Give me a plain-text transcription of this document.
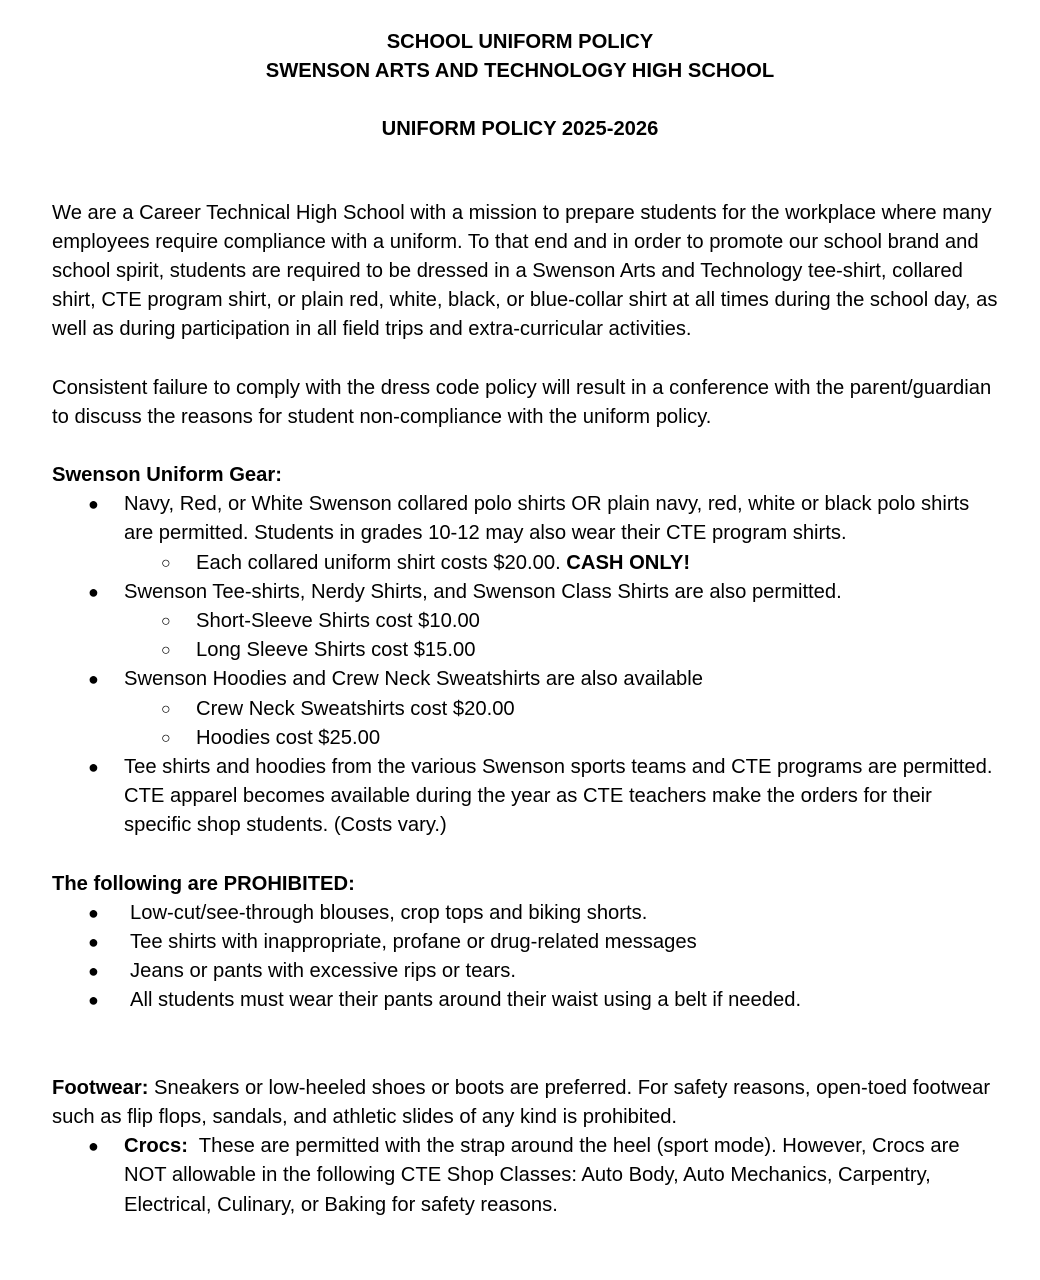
SCHOOL UNIFORM POLICY

SWENSON ARTS AND TECHNOLOGY HIGH SCHOOL

UNIFORM POLICY 2025-2026

We are a Career Technical High School with a mission to prepare students for the workplace where many employees require compliance with a uniform. To that end and in order to promote our school brand and school spirit, students are required to be dressed in a Swenson Arts and Technology tee-shirt, collared shirt, CTE program shirt, or plain red, white, black, or blue-collar shirt at all times during the school day, as well as during participation in all field trips and extra-curricular activities.

Consistent failure to comply with the dress code policy will result in a conference with the parent/guardian to discuss the reasons for student non-compliance with the uniform policy.

Swenson Uniform Gear:

●	Navy, Red, or White Swenson collared polo shirts OR plain navy, red, white or black polo shirts are permitted. Students in grades 10-12 may also wear their CTE program shirts.
○ Each collared uniform shirt costs $20.00. CASH ONLY!
●	Swenson Tee-shirts, Nerdy Shirts, and Swenson Class Shirts are also permitted.
○ Short-Sleeve Shirts cost $10.00
○ Long Sleeve Shirts cost $15.00
●	Swenson Hoodies and Crew Neck Sweatshirts are also available
○ Crew Neck Sweatshirts cost $20.00
○ Hoodies cost $25.00
●	Tee shirts and hoodies from the various Swenson sports teams and CTE programs are permitted. CTE apparel becomes available during the year as CTE teachers make the orders for their specific shop students. (Costs vary.)

The following are PROHIBITED:

●	Low-cut/see-through blouses, crop tops and biking shorts.
●	Tee shirts with inappropriate, profane or drug-related messages
●	Jeans or pants with excessive rips or tears.
●	All students must wear their pants around their waist using a belt if needed.

Footwear: Sneakers or low-heeled shoes or boots are preferred. For safety reasons, open-toed footwear such as flip flops, sandals, and athletic slides of any kind is prohibited.

●	Crocs:  These are permitted with the strap around the heel (sport mode). However, Crocs are NOT allowable in the following CTE Shop Classes: Auto Body, Auto Mechanics, Carpentry, Electrical, Culinary, or Baking for safety reasons.
